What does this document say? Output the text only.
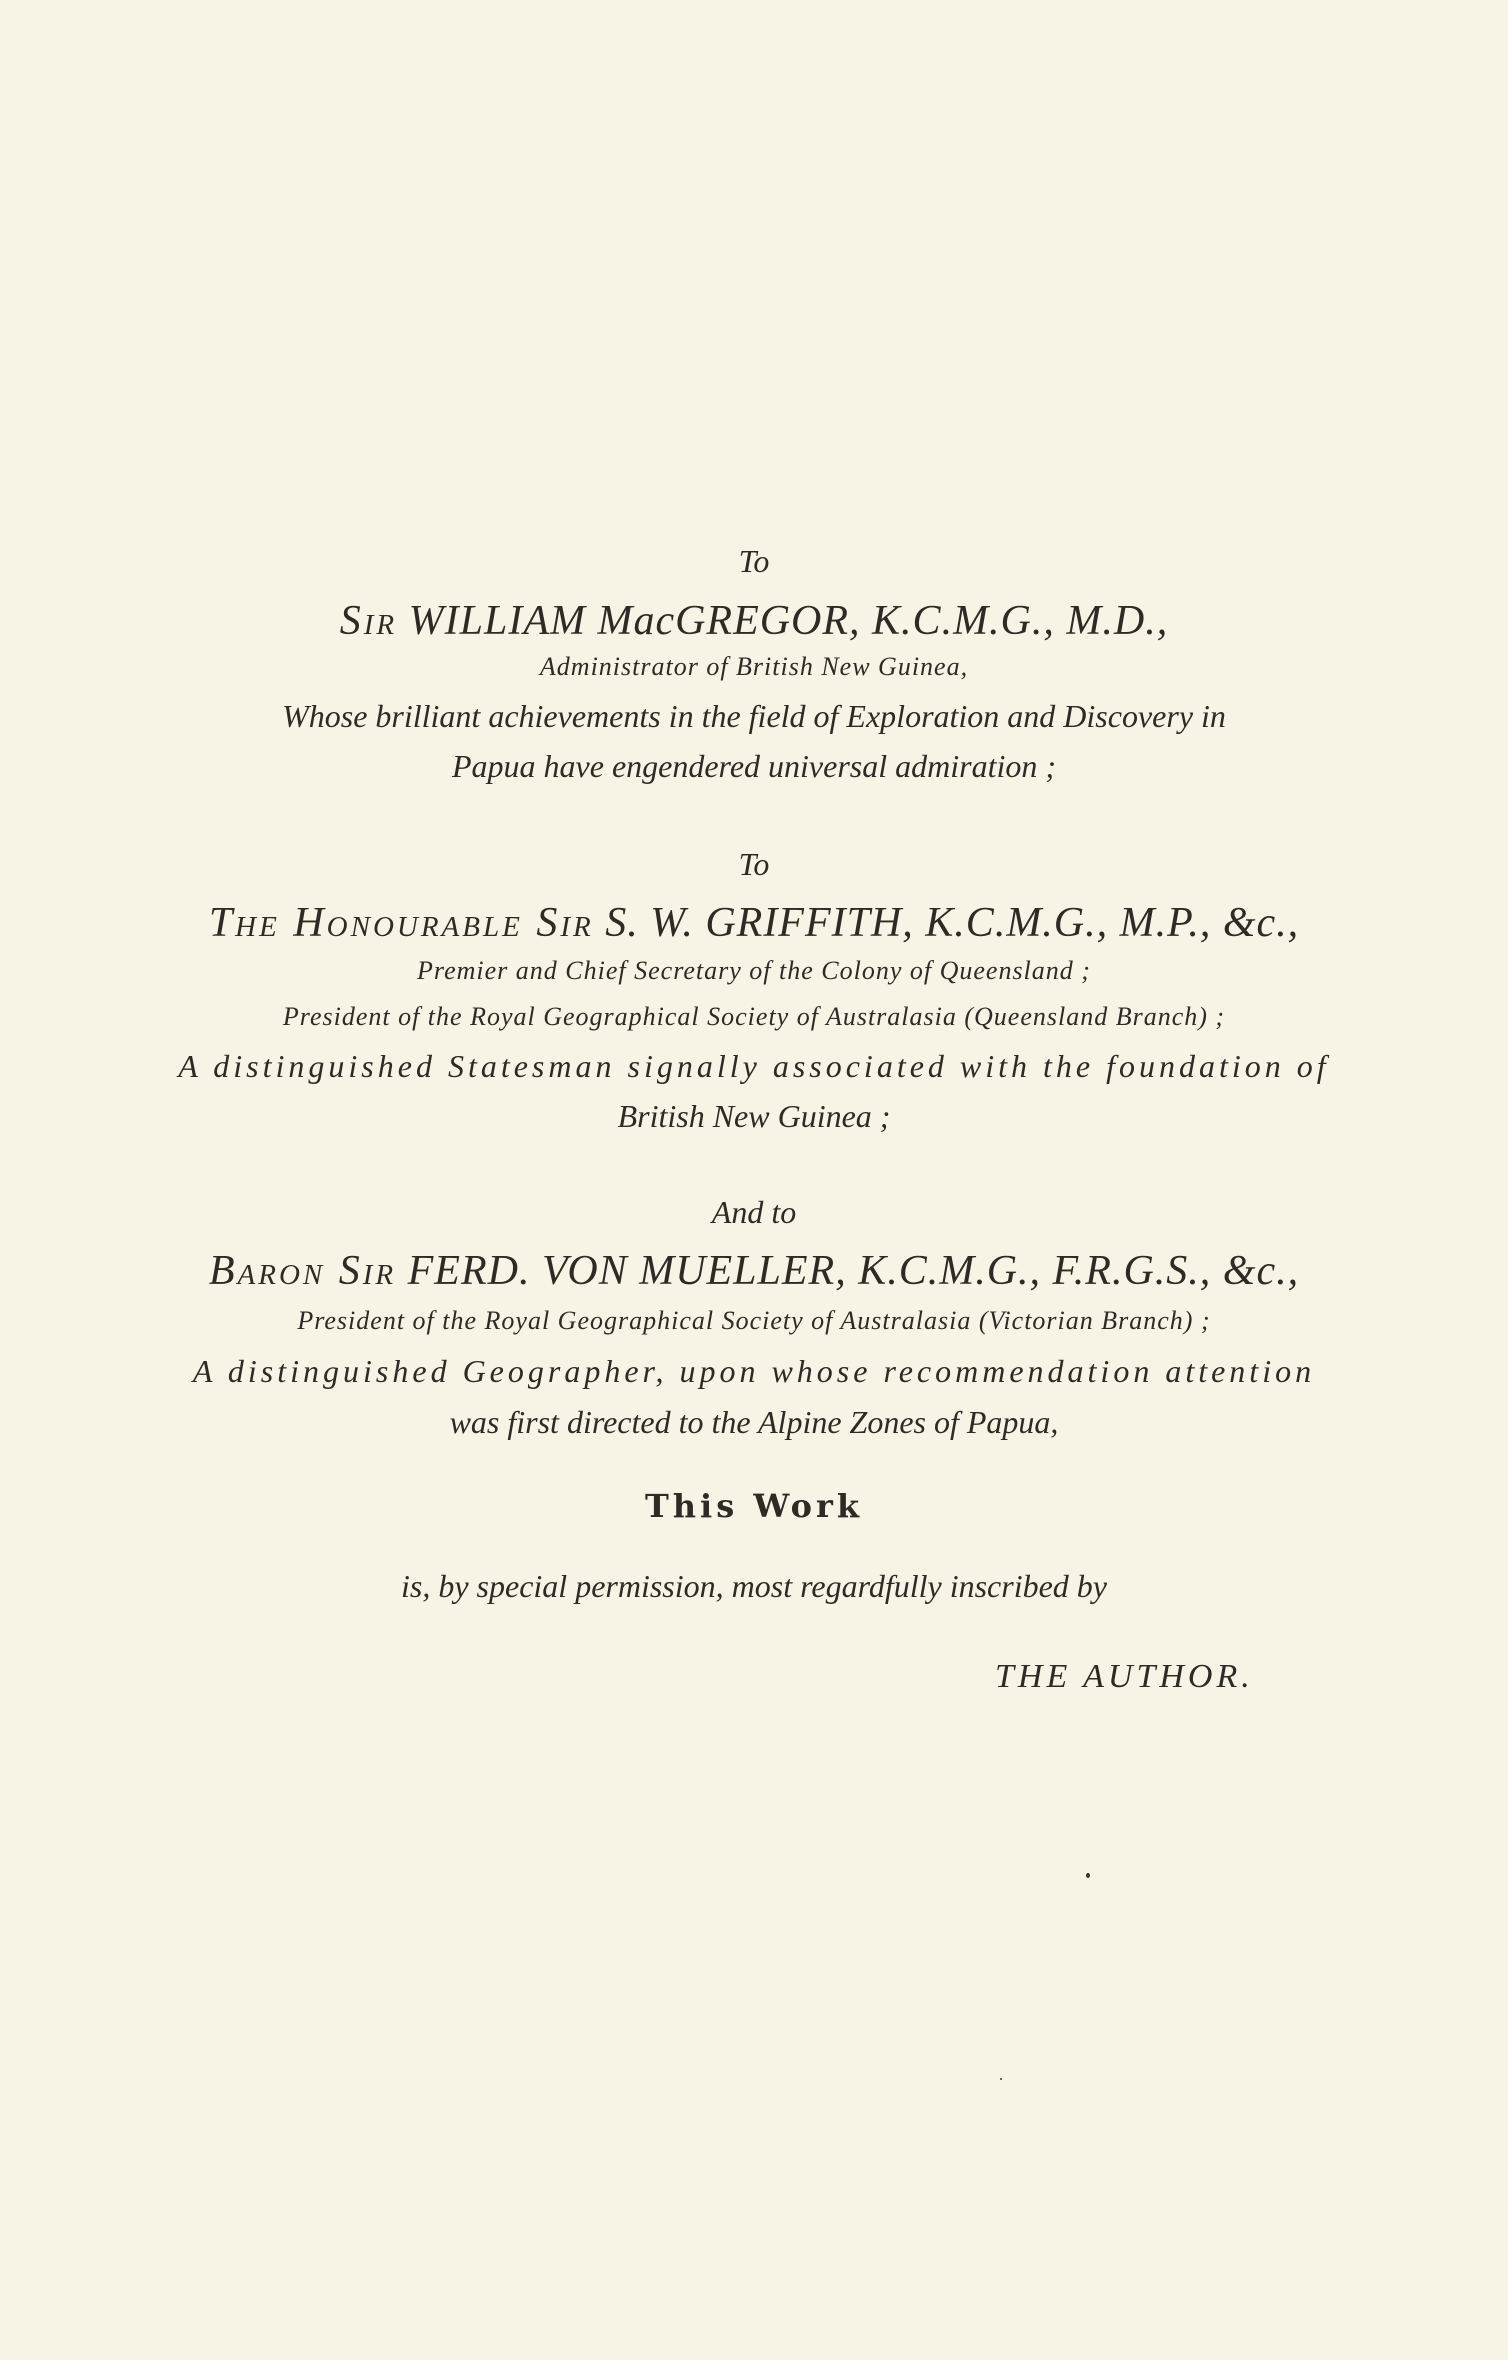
To
Sir WILLIAM MacGREGOR, K.C.M.G., M.D.,
Administrator of British New Guinea,
Whose brilliant achievements in the field of Exploration and Discovery in
Papua have engendered universal admiration ;
To
The Honourable Sir S. W. GRIFFITH, K.C.M.G., M.P., &c.,
Premier and Chief Secretary of the Colony of Queensland ;
President of the Royal Geographical Society of Australasia (Queensland Branch) ;
A distinguished Statesman signally associated with the foundation of
British New Guinea ;
And to
Baron Sir FERD. VON MUELLER, K.C.M.G., F.R.G.S., &c.,
President of the Royal Geographical Society of Australasia (Victorian Branch) ;
A distinguished Geographer, upon whose recommendation attention
was first directed to the Alpine Zones of Papua,
This Work
is, by special permission, most regardfully inscribed by
THE AUTHOR.
